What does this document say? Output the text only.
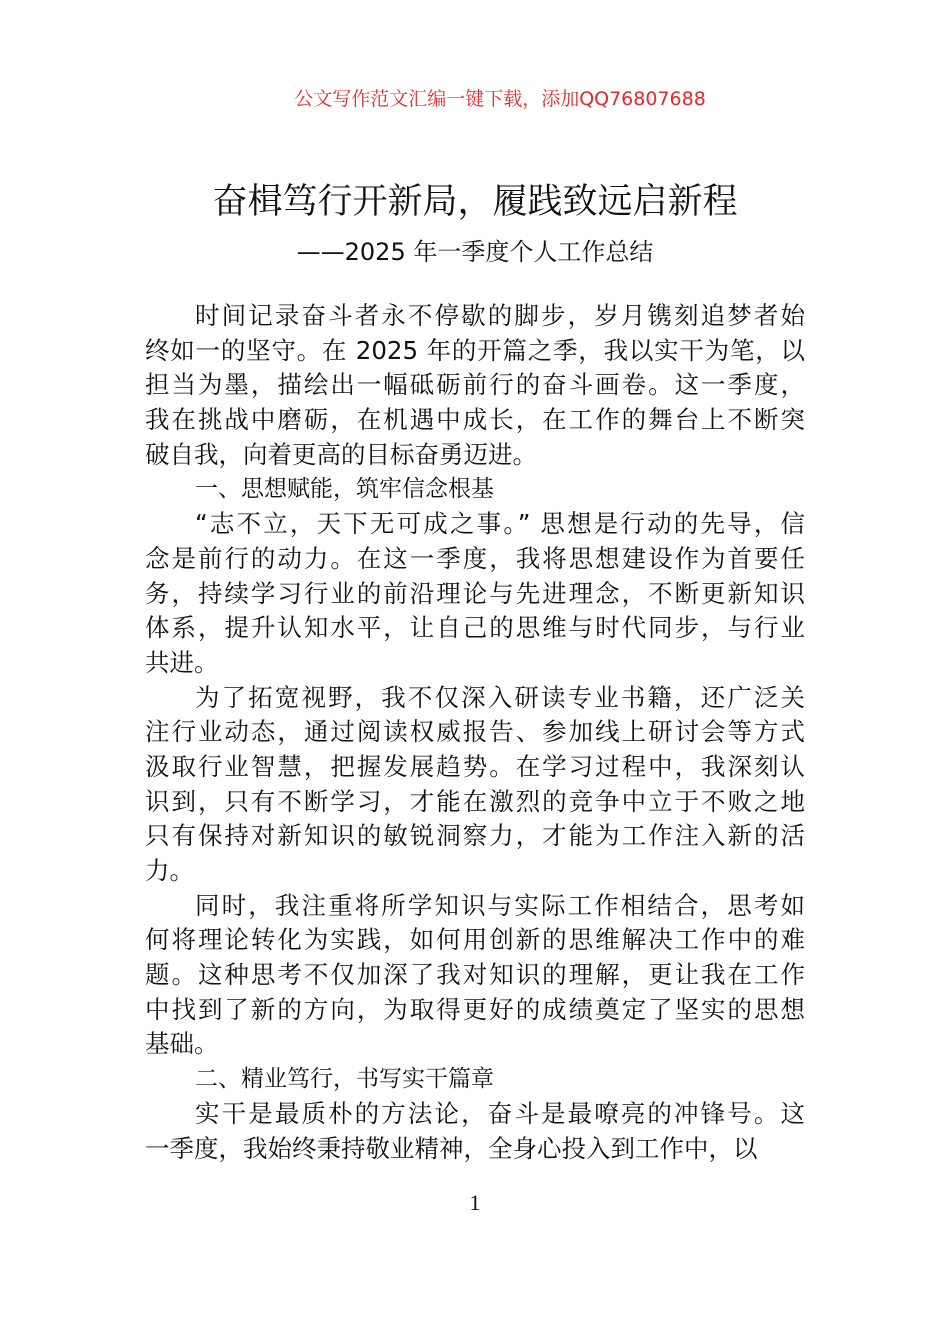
公文写作范文汇编一键下载，添加QQ76807688
奋楫笃行开新局，履践致远启新程
——2025 年一季度个人工作总结
时间记录奋斗者永不停歇的脚步，岁月镌刻追梦者始
终如一的坚守。在 2025 年的开篇之季，我以实干为笔，以
担当为墨，描绘出一幅砥砺前行的奋斗画卷。这一季度，
我在挑战中磨砺，在机遇中成长，在工作的舞台上不断突
破自我，向着更高的目标奋勇迈进。
一、思想赋能，筑牢信念根基
“志不立，天下无可成之事。” 思想是行动的先导，信
念是前行的动力。在这一季度，我将思想建设作为首要任
务，持续学习行业的前沿理论与先进理念，不断更新知识
体系，提升认知水平，让自己的思维与时代同步，与行业
共进。
为了拓宽视野，我不仅深入研读专业书籍，还广泛关
注行业动态，通过阅读权威报告、参加线上研讨会等方式
汲取行业智慧，把握发展趋势。在学习过程中，我深刻认
识到，只有不断学习，才能在激烈的竞争中立于不败之地
只有保持对新知识的敏锐洞察力，才能为工作注入新的活
力。
同时，我注重将所学知识与实际工作相结合，思考如
何将理论转化为实践，如何用创新的思维解决工作中的难
题。这种思考不仅加深了我对知识的理解，更让我在工作
中找到了新的方向，为取得更好的成绩奠定了坚实的思想
基础。
二、精业笃行，书写实干篇章
实干是最质朴的方法论，奋斗是最嘹亮的冲锋号。这
一季度，我始终秉持敬业精神，全身心投入到工作中，以
1
